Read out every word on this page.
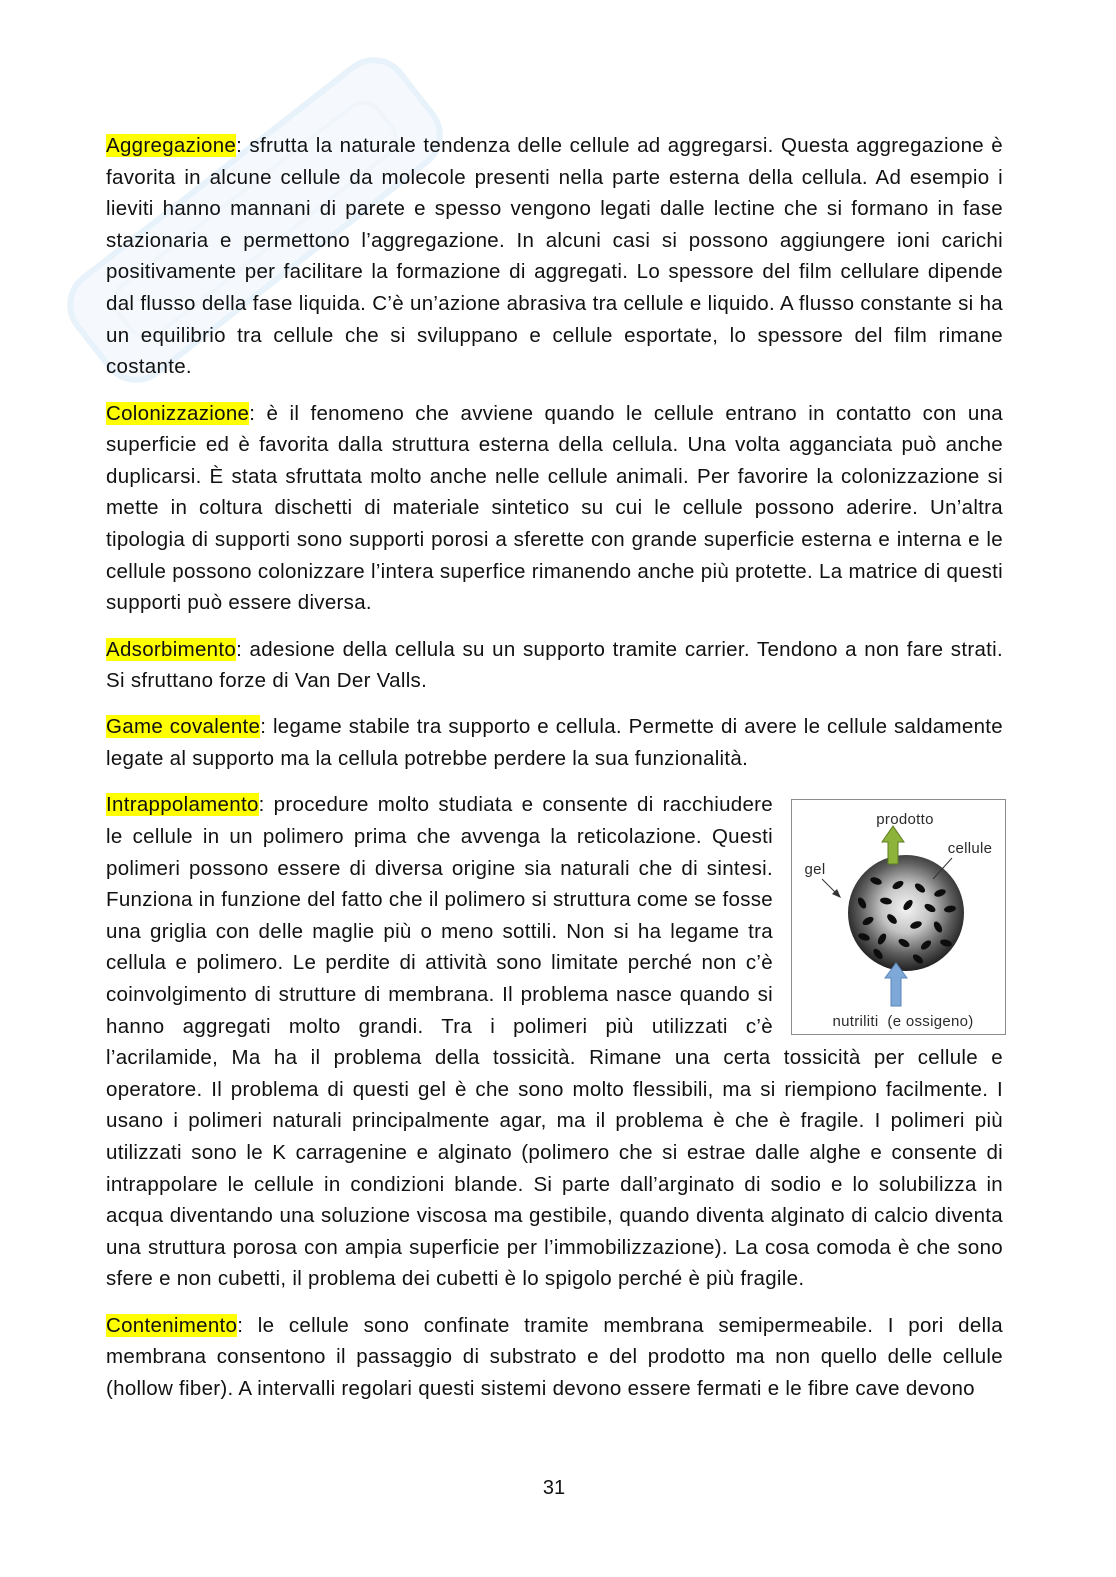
Aggregazione: sfrutta la naturale tendenza delle cellule ad aggregarsi. Questa aggregazione è favorita in alcune cellule da molecole presenti nella parte esterna della cellula. Ad esempio i lieviti hanno mannani di parete e spesso vengono legati dalle lectine che si formano in fase stazionaria e permettono l’aggregazione. In alcuni casi si possono aggiungere ioni carichi positivamente per facilitare la formazione di aggregati. Lo spessore del film cellulare dipende dal flusso della fase liquida. C’è un’azione abrasiva tra cellule e liquido. A flusso constante si ha un equilibrio tra cellule che si sviluppano e cellule esportate, lo spessore del film rimane costante.

Colonizzazione: è il fenomeno che avviene quando le cellule entrano in contatto con una superficie ed è favorita dalla struttura esterna della cellula. Una volta agganciata può anche duplicarsi. È stata sfruttata molto anche nelle cellule animali. Per favorire la colonizzazione si mette in coltura dischetti di materiale sintetico su cui le cellule possono aderire. Un’altra tipologia di supporti sono supporti porosi a sferette con grande superficie esterna e interna e le cellule possono colonizzare l’intera superfice rimanendo anche più protette. La matrice di questi supporti può essere diversa.

Adsorbimento: adesione della cellula su un supporto tramite carrier. Tendono a non fare strati. Si sfruttano forze di Van Der Valls.

Game covalente: legame stabile tra supporto e cellula. Permette di avere le cellule saldamente legate al supporto ma la cellula potrebbe perdere la sua funzionalità.

prodotto
cellule
gel
nutriliti  (e ossigeno)
Intrappolamento: procedure molto studiata e consente di racchiudere le cellule in un polimero prima che avvenga la reticolazione. Questi polimeri possono essere di diversa origine sia naturali che di sintesi. Funziona in funzione del fatto che il polimero si struttura come se fosse una griglia con delle maglie più o meno sottili. Non si ha legame tra cellula e polimero. Le perdite di attività sono limitate perché non c’è coinvolgimento di strutture di membrana. Il problema nasce quando si hanno aggregati molto grandi. Tra i polimeri più utilizzati c’è l’acrilamide, Ma ha il problema della tossicità. Rimane una certa tossicità per cellule e operatore. Il problema di questi gel è che sono molto flessibili, ma si riempiono facilmente. I usano i polimeri naturali principalmente agar, ma il problema è che è fragile. I polimeri più utilizzati sono le K carragenine e alginato (polimero che si estrae dalle alghe e consente di intrappolare le cellule in condizioni blande. Si parte dall’arginato di sodio e lo solubilizza in acqua diventando una soluzione viscosa ma gestibile, quando diventa alginato di calcio diventa una struttura porosa con ampia superficie per l’immobilizzazione). La cosa comoda è che sono sfere e non cubetti, il problema dei cubetti è lo spigolo perché è più fragile.

Contenimento: le cellule sono confinate tramite membrana semipermeabile. I pori della membrana consentono il passaggio di substrato e del prodotto ma non quello delle cellule (hollow fiber). A intervalli regolari questi sistemi devono essere fermati e le fibre cave devono

31
